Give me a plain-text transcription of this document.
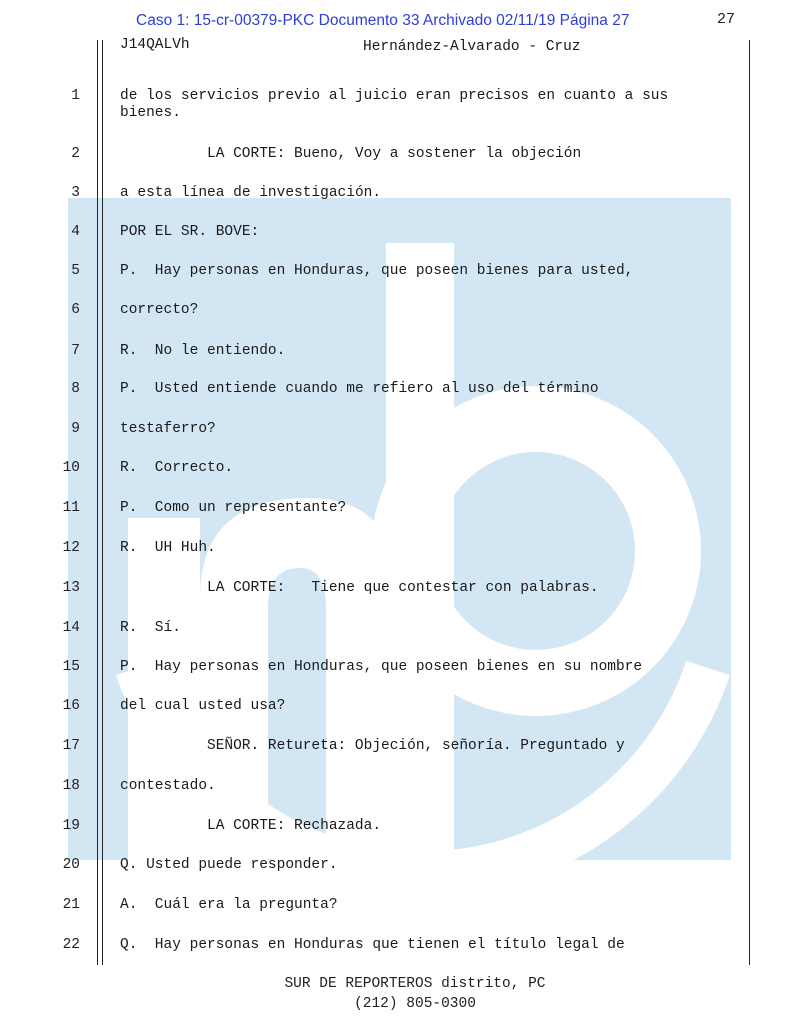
Caso 1: 15-cr-00379-PKC Documento 33 Archivado 02/11/19 Página 27	27
J14QALVh	Hernández-Alvarado - Cruz
1	de los servicios previo al juicio eran precisos en cuanto a sus
bienes.
2	LA CORTE: Bueno, Voy a sostener la objeción
3	a esta línea de investigación.
4	POR EL SR. BOVE:
5	P.  Hay personas en Honduras, que poseen bienes para usted,
6	correcto?
7	R.  No le entiendo.
8	P.  Usted entiende cuando me refiero al uso del término
9	testaferro?
10	R.  Correcto.
11	P.  Como un representante?
12	R.  UH Huh.
13	LA CORTE:   Tiene que contestar con palabras.
14	R.  Sí.
15	P.  Hay personas en Honduras, que poseen bienes en su nombre
16	del cual usted usa?
17	SEÑOR. Retureta: Objeción, señoría. Preguntado y
18	contestado.
19	LA CORTE: Rechazada.
20	Q. Usted puede responder.
21	A.  Cuál era la pregunta?
22	Q.  Hay personas en Honduras que tienen el título legal de
SUR DE REPORTEROS distrito, PC
(212) 805-0300
